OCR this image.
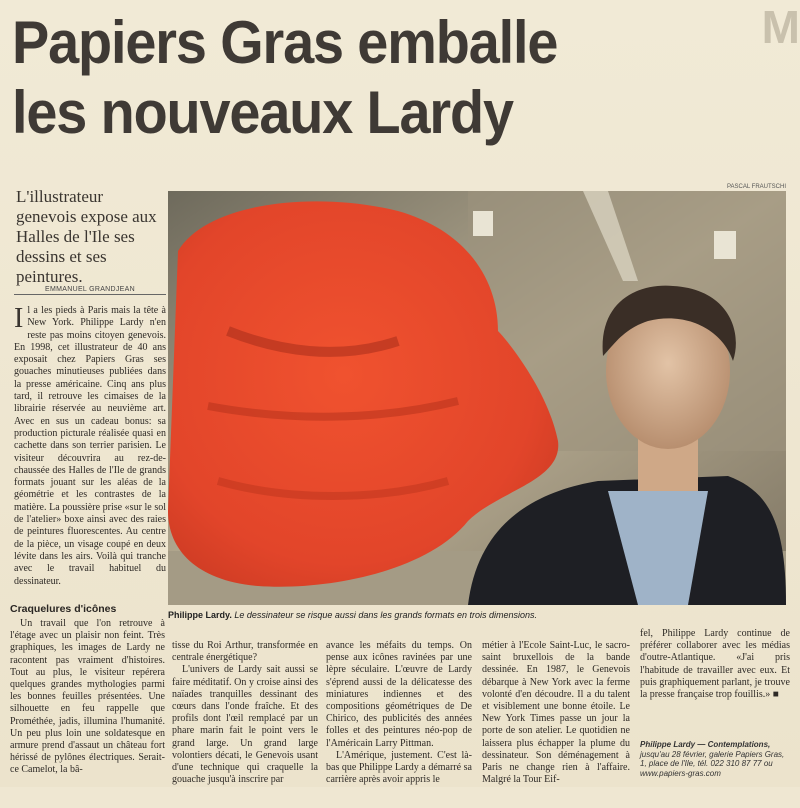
M
Papiers Gras emballe
les nouveaux Lardy
L'illustrateur genevois expose aux Halles de l'Ile ses dessins et ses peintures.
EMMANUEL GRANDJEAN
I l a les pieds à Paris mais la tête à New York. Philippe Lardy n'en reste pas moins citoyen genevois. En 1998, cet illustrateur de 40 ans exposait chez Papiers Gras ses gouaches minutieuses publiées dans la presse américaine. Cinq ans plus tard, il retrouve les cimaises de la librairie réservée au neuvième art. Avec en sus un cadeau bonus: sa production picturale réalisée quasi en cachette dans son terrier parisien. Le visiteur découvrira au rez-de-chaussée des Halles de l'Ile de grands formats jouant sur les aléas de la géométrie et les contrastes de la matière. La poussière prise «sur le sol de l'atelier» boxe ainsi avec des raies de peintures fluorescentes. Au centre de la pièce, un visage coupé en deux lévite dans les airs. Voilà qui tranche avec le travail habituel du dessinateur.
PASCAL FRAUTSCHI
Philippe Lardy. Le dessinateur se risque aussi dans les grands formats en trois dimensions.
Craquelures d'icônes

Un travail que l'on retrouve à l'étage avec un plaisir non feint. Très graphiques, les images de Lardy ne racontent pas vraiment d'histoires. Tout au plus, le visiteur repérera quelques grandes mythologies parmi les bonnes feuilles présentées. Une silhouette en feu rappelle que Prométhée, jadis, illumina l'humanité. Un peu plus loin une soldatesque en armure prend d'assaut un château fort hérissé de pylônes électriques. Serait-ce Camelot, la bâ-

tisse du Roi Arthur, transformée en centrale énergétique?

L'univers de Lardy sait aussi se faire méditatif. On y croise ainsi des naïades tranquilles dessinant des cœurs dans l'onde fraîche. Et des profils dont l'œil remplacé par un phare marin fait le point vers le grand large. Un grand large volontiers décati, le Genevois usant d'une technique qui craquelle la gouache jusqu'à inscrire par

avance les méfaits du temps. On pense aux icônes ravinées par une lèpre séculaire. L'œuvre de Lardy s'éprend aussi de la délicatesse des miniatures indiennes et des compositions géométriques de De Chirico, des publicités des années folles et des peintures néo-pop de l'Américain Larry Pittman.

L'Amérique, justement. C'est là-bas que Philippe Lardy a démarré sa carrière après avoir appris le

métier à l'Ecole Saint-Luc, le sacro-saint bruxellois de la bande dessinée. En 1987, le Genevois débarque à New York avec la ferme volonté d'en découdre. Il a du talent et visiblement une bonne étoile. Le New York Times passe un jour la porte de son atelier. Le quotidien ne laissera plus échapper la plume du dessinateur. Son déménagement à Paris ne change rien à l'affaire. Malgré la Tour Eif-

fel, Philippe Lardy continue de préférer collaborer avec les médias d'outre-Atlantique. «J'ai pris l'habitude de travailler avec eux. Et puis graphiquement parlant, je trouve la presse française trop fouillis.» ■

Philippe Lardy — Contemplations, jusqu'au 28 février, galerie Papiers Gras, 1, place de l'Ile, tél. 022 310 87 77 ou www.papiers-gras.com
